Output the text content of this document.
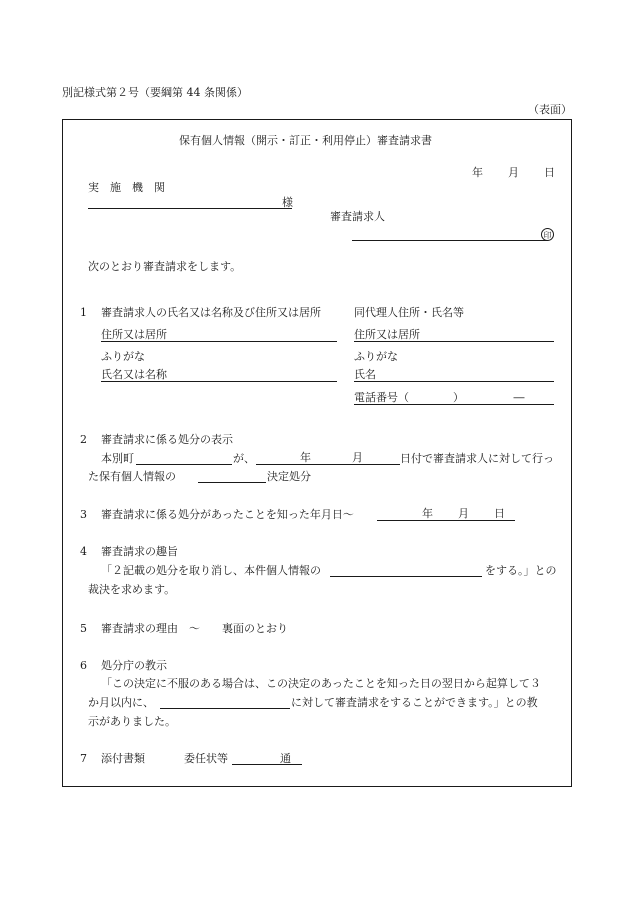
別記様式第２号（要綱第 44 条関係）
（表面）
保有個人情報（開示・訂正・利用停止）審査請求書
年 月 日
実　施　機　関
様
審査請求人
印
次のとおり審査請求をします。
1 審査請求人の氏名又は名称及び住所又は居所	同代理人住所・氏名等
住所又は居所	住所又は居所
ふりがな	ふりがな
氏名又は名称	氏名
電話番号（　　　　）　　　　　―
2 審査請求に係る処分の表示
本別町	が、	年	月	日付で審査請求人に対して行っ
た保有個人情報の	決定処分
3 審査請求に係る処分があったことを知った年月日～	年 月 日
4 審査請求の趣旨
「２記載の処分を取り消し、本件個人情報の	をする。」との
裁決を求めます。
5 審査請求の理由　～　　裏面のとおり
6 処分庁の教示
「この決定に不服のある場合は、この決定のあったことを知った日の翌日から起算して３
か月以内に、	に対して審査請求をすることができます。」との教
示がありました。
7 添付書類	委任状等	通
